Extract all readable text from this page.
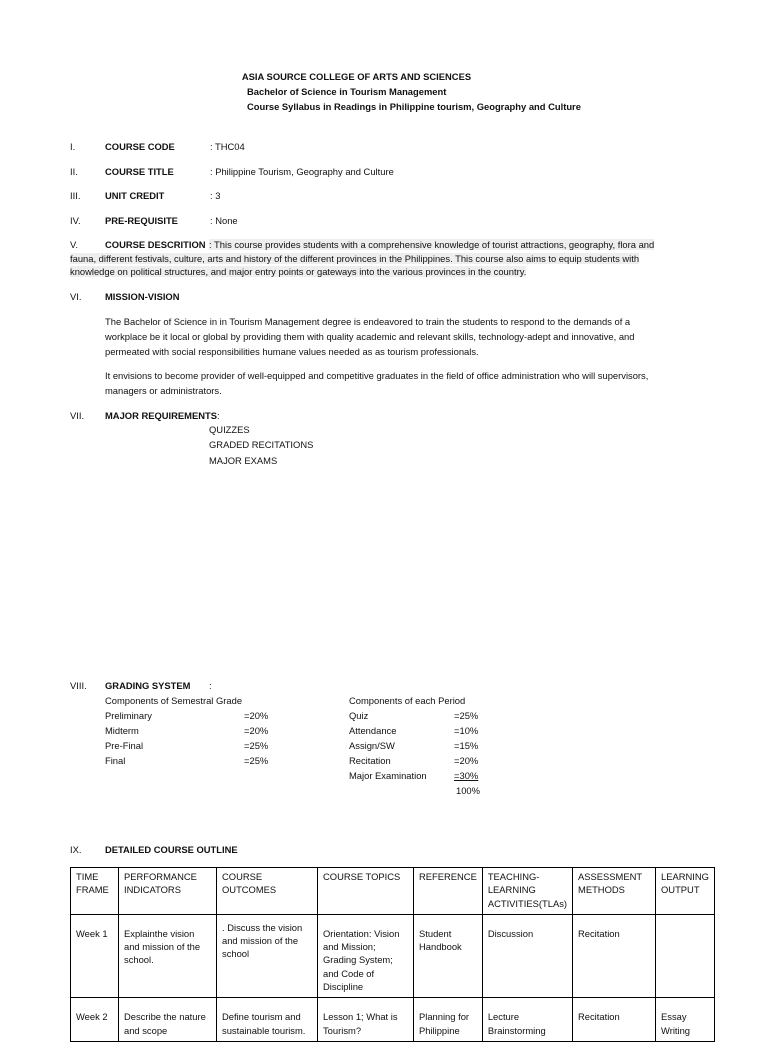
ASIA SOURCE COLLEGE OF ARTS AND SCIENCES
Bachelor of Science in Tourism Management
Course Syllabus in Readings in Philippine tourism, Geography and Culture
I.	COURSE CODE	: THC04
II.	COURSE TITLE	: Philippine Tourism, Geography and Culture
III.	UNIT CREDIT	: 3
IV.	PRE-REQUISITE	: None
V.	COURSE DESCRITION : This course provides students with a comprehensive knowledge of tourist attractions, geography, flora and
fauna, different festivals, culture, arts and history of the different provinces in the Philippines. This course also aims to equip students with
knowledge on political structures, and major entry points or gateways into the various provinces in the country.
VI.	MISSION-VISION
The Bachelor of Science in in Tourism Management degree is endeavored to train the students to respond to the demands of a
workplace be it local or global by providing them with quality academic and relevant skills, technology-adept and innovative, and
permeated with social responsibilities humane values needed as as tourism professionals.
It envisions to become provider of well-equipped and competitive graduates in the field of office administration who will supervisors,
managers or administrators.
VII. MAJOR REQUIREMENTS:
QUIZZES
GRADED RECITATIONS
MAJOR EXAMS
VIII. GRADING SYSTEM :
Components of Semestral Grade
Preliminary	=20%
Midterm	=20%
Pre-Final	=25%
Final	=25%
Components of each Period
Quiz	=25%
Attendance	=10%
Assign/SW	=15%
Recitation	=20%
Major Examination	=30%
100%
IX.	DETAILED COURSE OUTLINE
TIME FRAME	PERFORMANCE INDICATORS	COURSE OUTCOMES	COURSE TOPICS	REFERENCE	TEACHING-LEARNING ACTIVITIES(TLAs)	ASSESSMENT METHODS	LEARNING OUTPUT
Week 1	Explainthe vision and mission of the school.	. Discuss the vision and mission of the school	Orientation: Vision and Mission; Grading System; and Code of Discipline	Student Handbook	Discussion	Recitation	
Week 2	Describe the nature and scope	Define tourism and sustainable tourism.	Lesson 1; What is Tourism?	Planning for Philippine	Lecture Brainstorming	Recitation	Essay Writing
